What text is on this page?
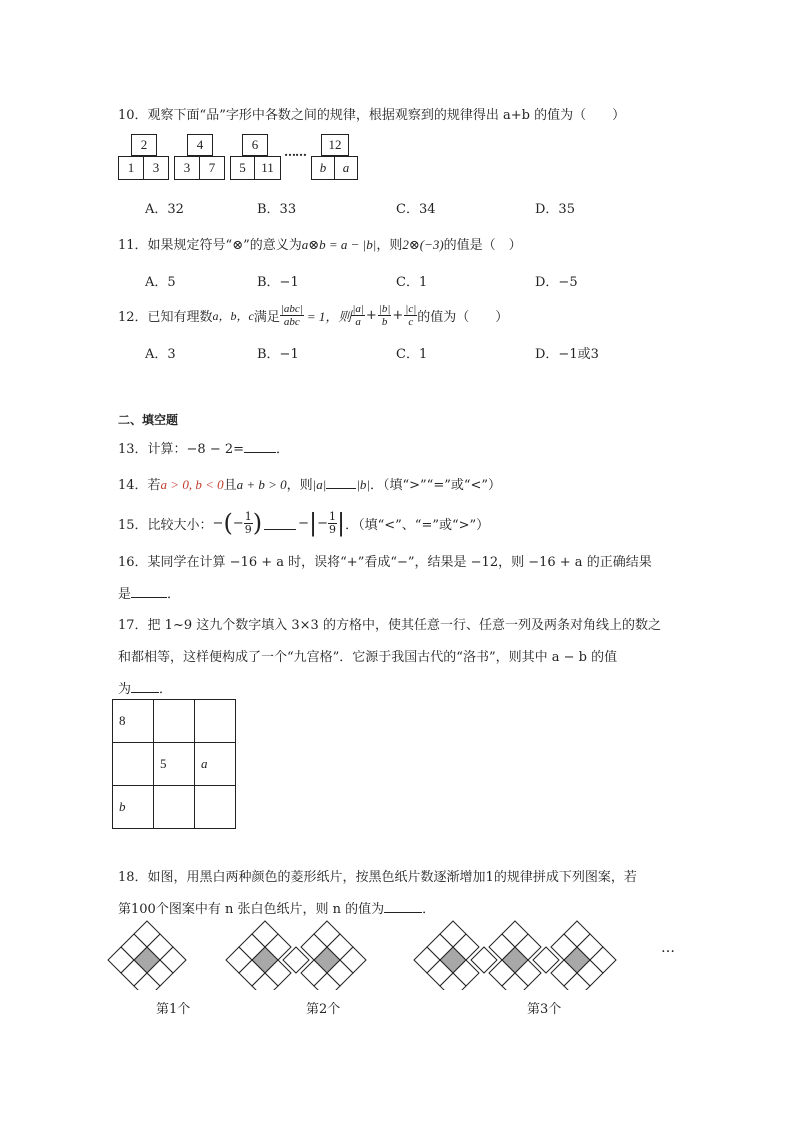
10．观察下面“品”字形中各数之间的规律，根据观察到的规律得出 a+b 的值为（　　）
2
1	3
4
3	7
6
5	11
……	12
b	a
A．32	B．33	C．34	D．35
11．如果规定符号“⊗”的意义为a⊗b = a − |b|，则2⊗(−3)的值是（　）
A．5	B．−1	C．1	D．−5
12．已知有理数 a，b，c 满足 $\frac{\text{|abc|}}{\text{abc}} = 1$，则 $\frac{|a|}{a} + \frac{|b|}{b} + \frac{|c|}{c}$ 的值为（　　）
A．3	B．−1	C．1	D．−1或3
二、填空题
13．计算：−8 − 2= ．
14．若a > 0, b < 0且a + b > 0，则|a| |b|．（填“>”“=”或“<”）
15．比较大小： − ( − $\frac{1}{9}$ )	− | − $\frac{1}{9}$ | ．（填“<”、“=”或“>”）
16．某同学在计算 −16 + a 时，误将“+”看成“−”，结果是 −12，则 −16 + a 的正确结果
是	．
17．把 1~9 这九个数字填入 3×3 的方格中，使其任意一行、任意一列及两条对角线上的数之
和都相等，这样便构成了一个“九宫格”．它源于我国古代的“洛书”，则其中 a − b 的值
为 ．
8		
	5	a
b		
18．如图，用黑白两种颜色的菱形纸片，按黑色纸片数逐渐增加1的规律拼成下列图案，若
第100个图案中有 n 张白色纸片，则 n 的值为	．
…
第1个	第2个	第3个
